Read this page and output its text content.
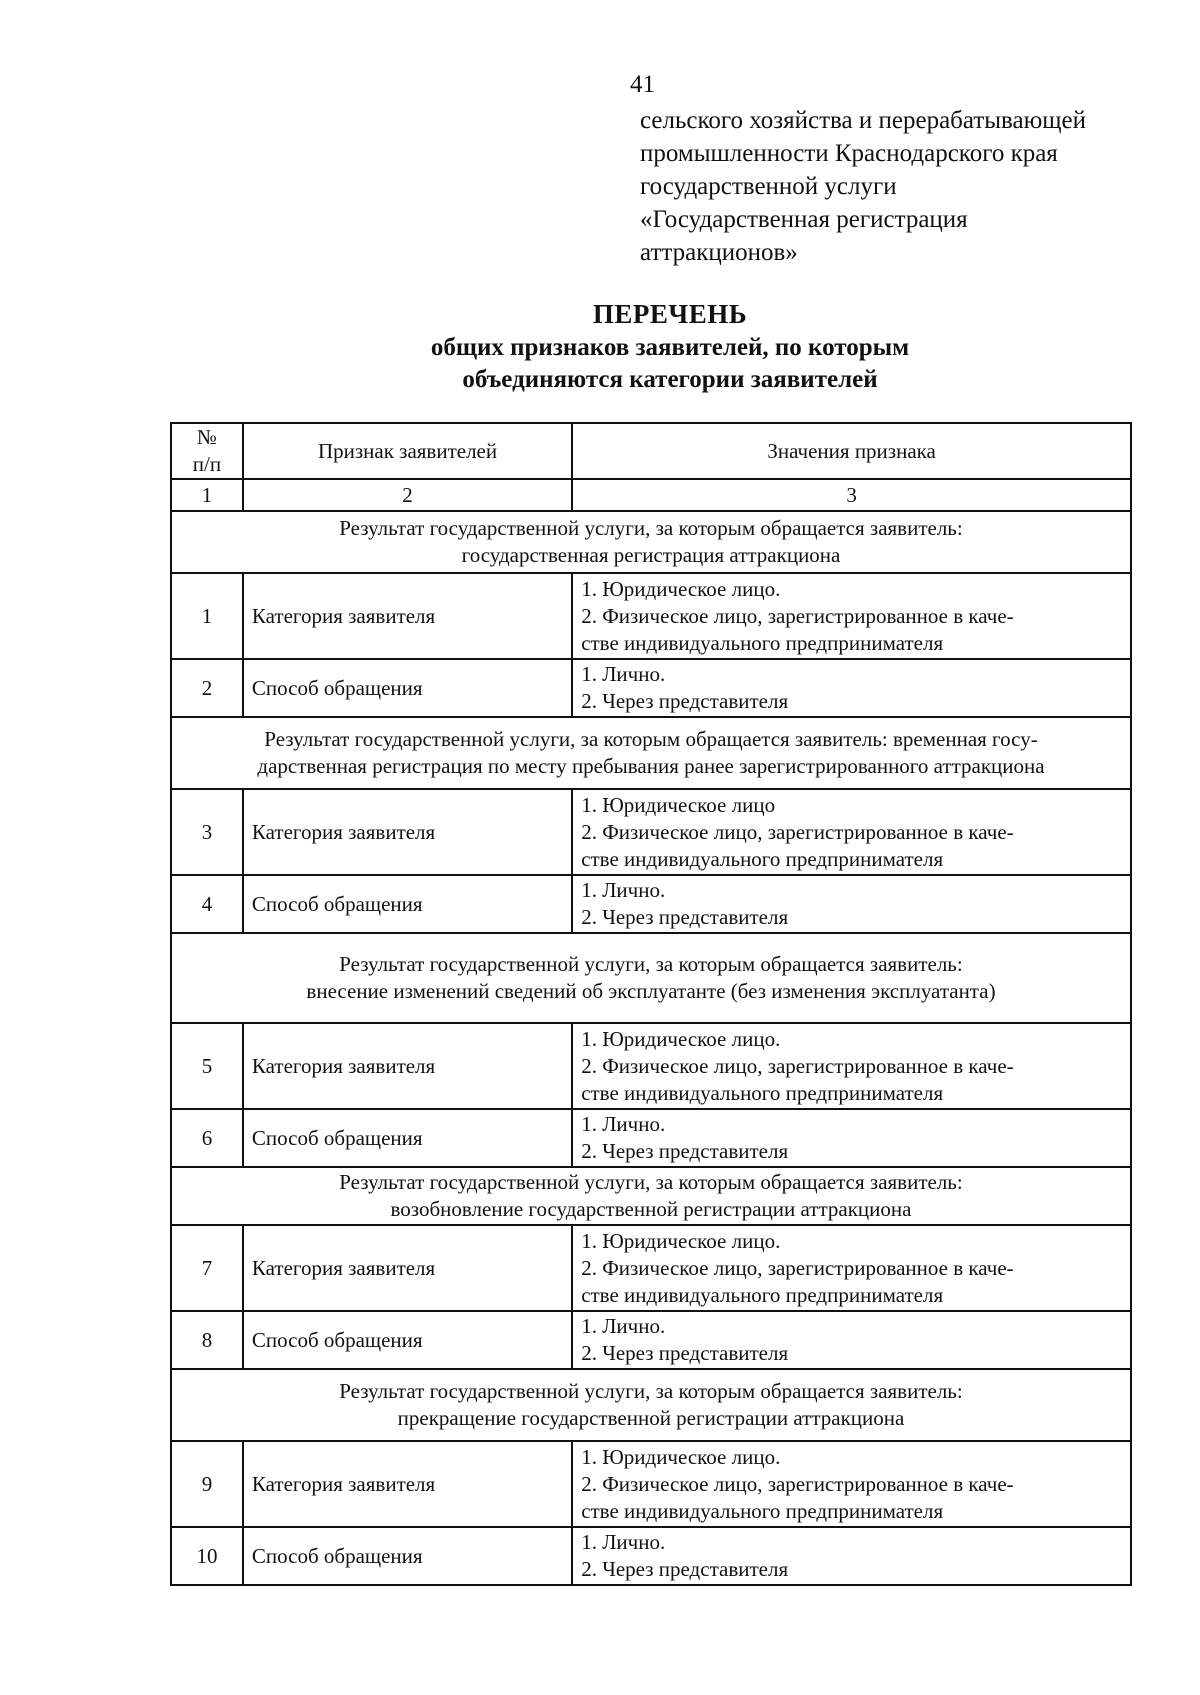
41
сельского хозяйства и перерабатывающей
промышленности Краснодарского края
государственной услуги
«Государственная регистрация
аттракционов»
ПЕРЕЧЕНЬ
общих признаков заявителей, по которым
объединяются категории заявителей
№
п/п	Признак заявителей	Значения признака
1	2	3

Результат государственной услуги, за которым обращается заявитель:
государственная регистрация аттракциона		

1	Категория заявителя	1. Юридическое лицо.
2. Физическое лицо, зарегистрированное в каче-
стве индивидуального предпринимателя

2	Способ обращения	1. Лично.
2. Через представителя

Результат государственной услуги, за которым обращается заявитель: временная госу-
дарственная регистрация по месту пребывания ранее зарегистрированного аттракциона		

3	Категория заявителя	1. Юридическое лицо
2. Физическое лицо, зарегистрированное в каче-
стве индивидуального предпринимателя

4	Способ обращения	1. Лично.
2. Через представителя

Результат государственной услуги, за которым обращается заявитель:
внесение изменений сведений об эксплуатанте (без изменения эксплуатанта)		

5	Категория заявителя	1. Юридическое лицо.
2. Физическое лицо, зарегистрированное в каче-
стве индивидуального предпринимателя

6	Способ обращения	1. Лично.
2. Через представителя

Результат государственной услуги, за которым обращается заявитель:
возобновление государственной регистрации аттракциона		

7	Категория заявителя	1. Юридическое лицо.
2. Физическое лицо, зарегистрированное в каче-
стве индивидуального предпринимателя

8	Способ обращения	1. Лично.
2. Через представителя

Результат государственной услуги, за которым обращается заявитель:
прекращение государственной регистрации аттракциона		

9	Категория заявителя	1. Юридическое лицо.
2. Физическое лицо, зарегистрированное в каче-
стве индивидуального предпринимателя

10	Способ обращения	1. Лично.
2. Через представителя
